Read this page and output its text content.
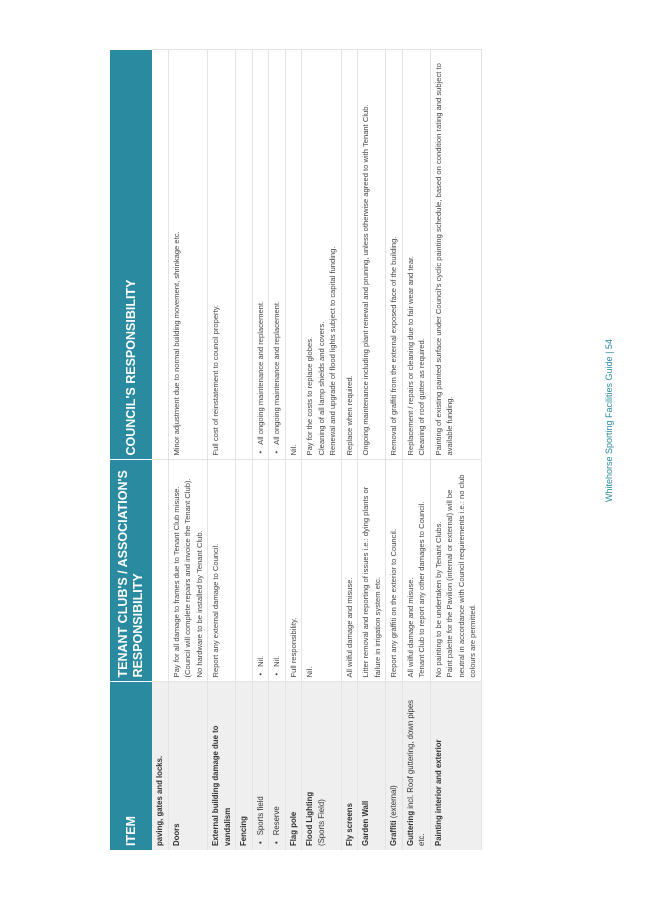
ITEM	TENANT CLUB'S / ASSOCIATION'S RESPONSIBILITY	COUNCIL'S RESPONSIBILITY
paving, gates and locks.	

Doors	Pay for all damage to frames due to Tenant Club misuse. (Council will complete repairs and invoice the Tenant Club).
No hardware to be installed by Tenant Club.	Minor adjustment due to normal building movement, shrinkage etc.

External building damage due to vandalism	Report any external damage to Council.	Full cost of reinstatement to council property.

Fencing	

• Sports field	• Nil.	• All ongoing maintenance and replacement.

• Reserve	• Nil.	• All ongoing maintenance and replacement.

Flag pole	Full responsibility.	Nil.

Flood Lighting (Sports Field)	Nil.	Pay for the costs to replace globes.
Cleaning of all lamp shields and covers.
Renewal and upgrade of flood lights subject to capital funding.

Fly screens	All wilful damage and misuse.	Replace when required.

Garden Wall	Litter removal and reporting of issues i.e.: dying plants or failure in irrigation system etc.	Ongoing maintenance including plant renewal and pruning, unless otherwise agreed to with Tenant Club.

Graffiti (external)	Report any graffiti on the exterior to Council.	Removal of graffiti from the external exposed face of the building.

Guttering incl. Roof guttering, down pipes etc.	All wilful damage and misuse.
Tenant Club to report any other damages to Council.	Replacement / repairs or cleaning due to fair wear and tear.
Cleaning of roof gutter as required.

Painting interior and exterior	No painting to be undertaken by Tenant Clubs.
Paint palette for the Pavilion (internal or external) will be neutral in accordance with Council requirements i.e.: no club colours are permitted.	Painting of existing painted surface under Council's cyclic painting schedule, based on condition rating and subject to available funding.	Whitehorse Sporting Facilities Guide | 54
